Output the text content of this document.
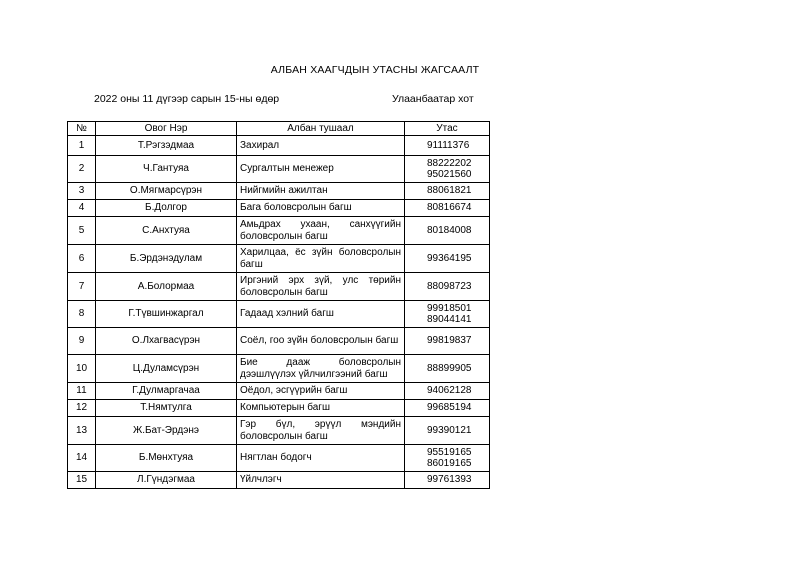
АЛБАН ХААГЧДЫН УТАСНЫ ЖАГСААЛТ
2022 оны 11 дүгээр сарын 15-ны өдөр	Улаанбаатар хот
№	Овог Нэр	Албан тушаал	Утас
1	Т.Рэгзэдмаа	Захирал	91111376

2	Ч.Гантуяа	Сургалтын менежер	88222202
95021560

3	О.Мягмарсүрэн	Нийгмийн ажилтан	88061821

4	Б.Долгор	Бага боловсролын багш	80816674

5	С.Анхтуяа	Амьдрах ухаан, санхүүгийн боловсролын багш	80184008

6	Б.Эрдэнэдулам	Харилцаа, ёс зүйн боловсролын багш	99364195

7	А.Болормаа	Иргэний эрх зүй, улс төрийн боловсролын багш	88098723

8	Г.Түвшинжаргал	Гадаад хэлний багш	99918501
89044141

9	О.Лхагвасүрэн	Соёл, гоо зүйн боловсролын багш	99819837

10	Ц.Дуламсүрэн	Бие дааж боловсролын дээшлүүлэх үйлчилгээний багш	88899905

11	Г.Дулмаргачаа	Оёдол, эсгүүрийн багш	94062128

12	Т.Нямтулга	Компьютерын багш	99685194

13	Ж.Бат-Эрдэнэ	Гэр бүл, эрүүл мэндийн боловсролын багш	99390121

14	Б.Мөнхтуяа	Нягтлан бодогч	95519165
86019165

15	Л.Гүндэгмаа	Үйлчлэгч	99761393
